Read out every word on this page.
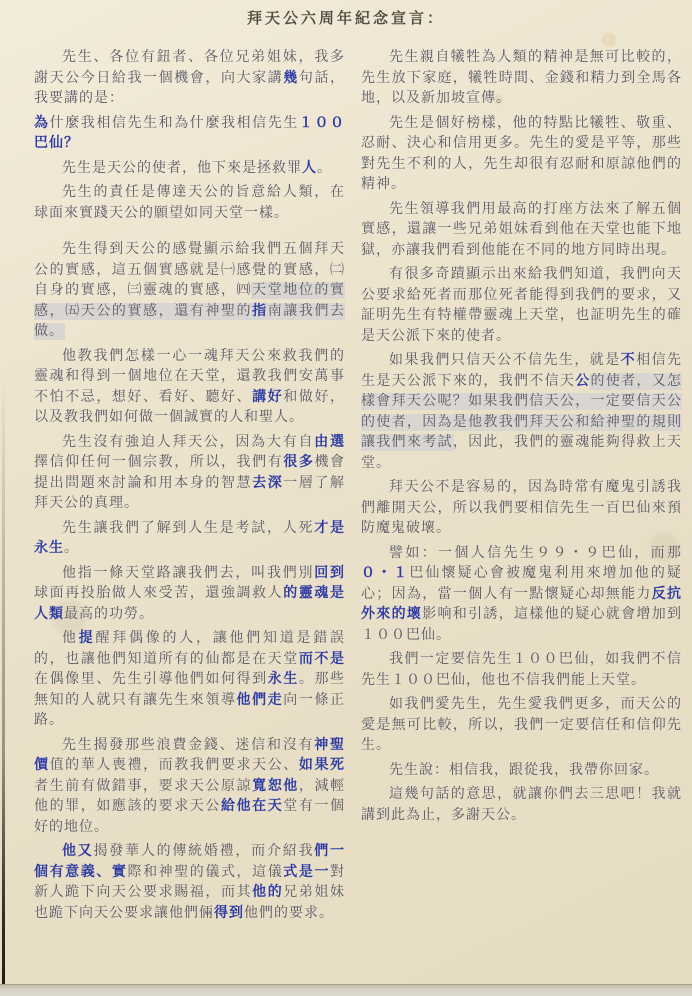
拜天公六周年紀念宣言：

先生、各位有鈕者、各位兄弟姐妹，我多謝天公今日給我一個機會，向大家講幾句話，我要講的是：

為什麼我相信先生和為什麼我相信先生１００巴仙？

先生是天公的使者，他下來是拯救罪人。

先生的責任是傳達天公的旨意給人類，在球面來實踐天公的願望如同天堂一樣。

先生得到天公的感覺顯示給我們五個拜天公的實感，這五個實感就是㈠感覺的實感，㈡自身的實感，㈢靈魂的實感，㈣天堂地位的實感，㈤天公的實感，還有神聖的指南讓我們去做。

他教我們怎樣一心一魂拜天公來救我們的靈魂和得到一個地位在天堂，還教我們安萬事不怕不忌，想好、看好、聽好、講好和做好，以及教我們如何做一個誠實的人和聖人。

先生沒有強迫人拜天公，因為大有自由選擇信仰任何一個宗教，所以，我們有很多機會提出問題來討論和用本身的智慧去深一層了解拜天公的真理。

先生讓我們了解到人生是考試，人死才是永生。

他指一條天堂路讓我們去，叫我們別回到球面再投胎做人來受苦，還強調救人的靈魂是人類最高的功勞。

他提醒拜偶像的人，讓他們知道是錯誤的，也讓他們知道所有的仙都是在天堂而不是在偶像里、先生引導他們如何得到永生。那些無知的人就只有讓先生來領導他們走向一條正路。

先生揭發那些浪費金錢、迷信和沒有神聖價值的華人喪禮，而教我們要求天公、如果死者生前有做錯事，要求天公原諒寬恕他，減輕他的罪，如應該的要求天公給他在天堂有一個好的地位。

他又揭發華人的傳統婚禮，而介紹我們一個有意義、實際和神聖的儀式，這儀式是一對新人跪下向天公要求賜福，而其他的兄弟姐妹也跪下向天公要求讓他們倆得到他們的要求。

先生親自犧牲為人類的精神是無可比較的，先生放下家庭，犧牲時間、金錢和精力到全馬各地，以及新加坡宣傳。

先生是個好榜樣，他的特點比犧牲、敬重、忍耐、決心和信用更多。先生的愛是平等，那些對先生不利的人，先生却很有忍耐和原諒他們的精神。

先生領導我們用最高的打座方法來了解五個實感，還讓一些兄弟姐妹看到他在天堂也能下地獄，亦讓我們看到他能在不同的地方同時出現。

有很多奇蹟顯示出來給我們知道，我們向天公要求給死者而那位死者能得到我們的要求，又証明先生有特權帶靈魂上天堂，也証明先生的確是天公派下來的使者。

如果我們只信天公不信先生，就是不相信先生是天公派下來的，我們不信天公的使者，又怎樣會拜天公呢？如果我們信天公，一定要信天公的使者，因為是他教我們拜天公和給神聖的規則讓我們來考試，因此，我們的靈魂能夠得救上天堂。

拜天公不是容易的，因為時常有魔鬼引誘我們離開天公，所以我們要相信先生一百巴仙來預防魔鬼破壞。

譬如：一個人信先生９９・９巴仙，而那０・１巴仙懷疑心會被魔鬼利用來增加他的疑心；因為，當一個人有一點懷疑心却無能力反抗外來的壞影响和引誘，這樣他的疑心就會增加到１００巴仙。

我們一定要信先生１００巴仙，如我們不信先生１００巴仙，他也不信我們能上天堂。

如我們愛先生，先生愛我們更多，而天公的愛是無可比較，所以，我們一定要信任和信仰先生。

先生說：相信我，跟從我，我帶你回家。

這幾句話的意思，就讓你們去三思吧！我就講到此為止，多謝天公。
